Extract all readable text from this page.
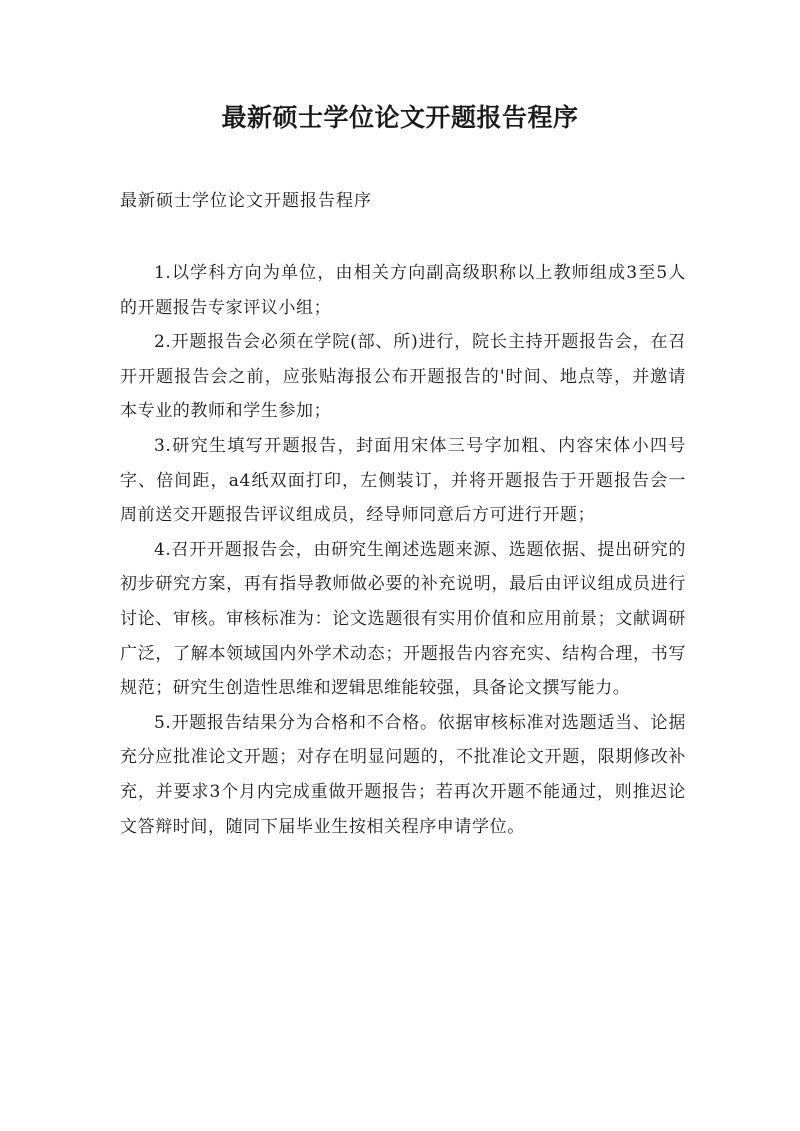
最新硕士学位论文开题报告程序

最新硕士学位论文开题报告程序

1.以学科方向为单位，由相关方向副高级职称以上教师组成3至5人的开题报告专家评议小组；

2.开题报告会必须在学院(部、所)进行，院长主持开题报告会，在召开开题报告会之前，应张贴海报公布开题报告的'时间、地点等，并邀请本专业的教师和学生参加；

3.研究生填写开题报告，封面用宋体三号字加粗、内容宋体小四号字、倍间距，a4纸双面打印，左侧装订，并将开题报告于开题报告会一周前送交开题报告评议组成员，经导师同意后方可进行开题；

4.召开开题报告会，由研究生阐述选题来源、选题依据、提出研究的初步研究方案，再有指导教师做必要的补充说明，最后由评议组成员进行讨论、审核。审核标准为：论文选题很有实用价值和应用前景；文献调研广泛，了解本领域国内外学术动态；开题报告内容充实、结构合理，书写规范；研究生创造性思维和逻辑思维能较强，具备论文撰写能力。

5.开题报告结果分为合格和不合格。依据审核标准对选题适当、论据充分应批准论文开题；对存在明显问题的，不批准论文开题，限期修改补充，并要求3个月内完成重做开题报告；若再次开题不能通过，则推迟论文答辩时间，随同下届毕业生按相关程序申请学位。
